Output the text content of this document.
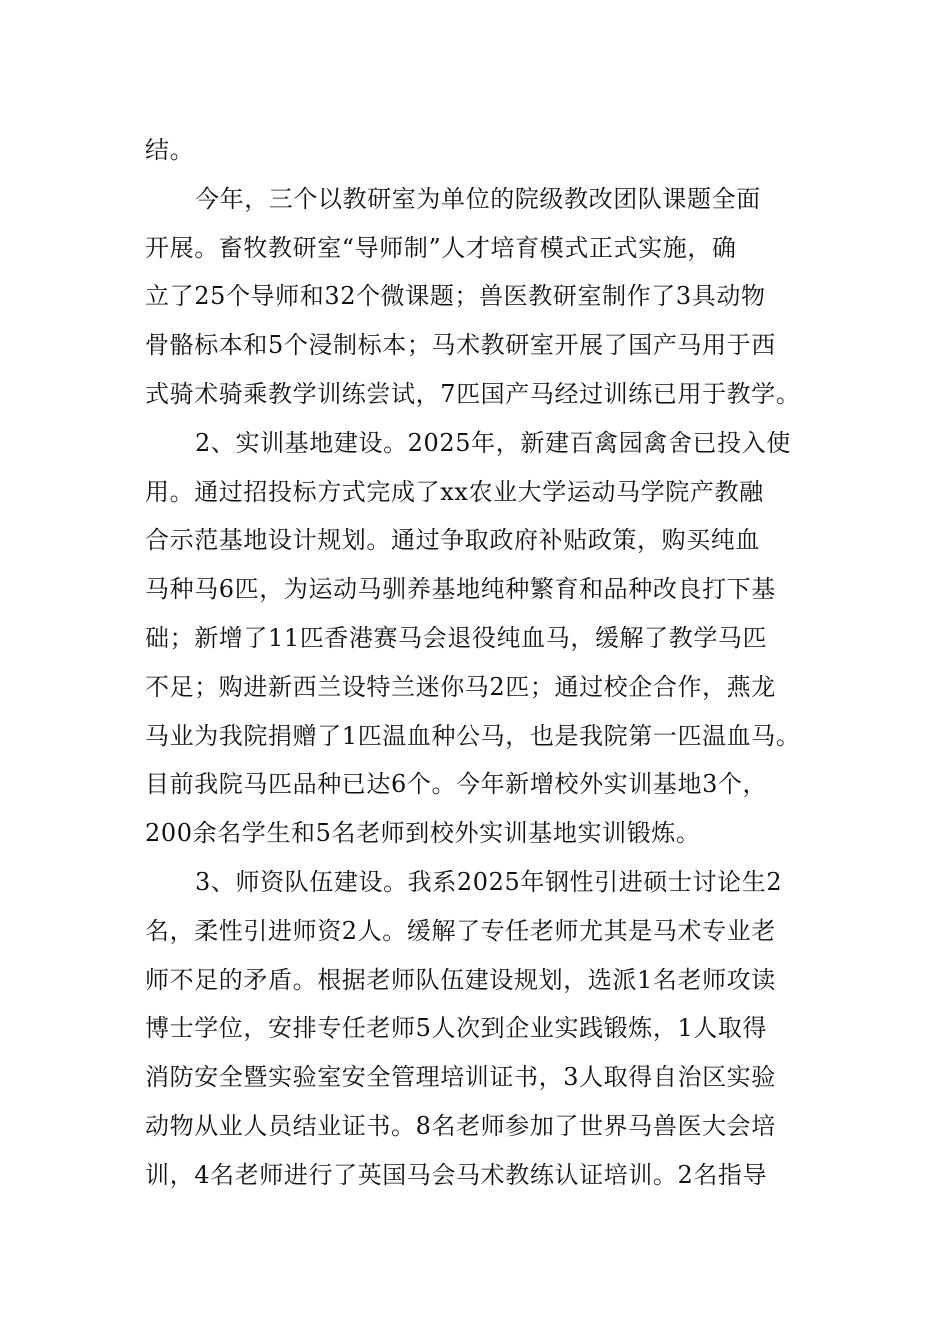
结。
今年，三个以教研室为单位的院级教改团队课题全面
开展。畜牧教研室“导师制”人才培育模式正式实施，确
立了25个导师和32个微课题；兽医教研室制作了3具动物
骨骼标本和5个浸制标本；马术教研室开展了国产马用于西
式骑术骑乘教学训练尝试，7匹国产马经过训练已用于教学。
2、实训基地建设。2025年，新建百禽园禽舍已投入使
用。通过招投标方式完成了xx农业大学运动马学院产教融
合示范基地设计规划。通过争取政府补贴政策，购买纯血
马种马6匹，为运动马驯养基地纯种繁育和品种改良打下基
础；新增了11匹香港赛马会退役纯血马，缓解了教学马匹
不足；购进新西兰设特兰迷你马2匹；通过校企合作，燕龙
马业为我院捐赠了1匹温血种公马，也是我院第一匹温血马。
目前我院马匹品种已达6个。今年新增校外实训基地3个，
200余名学生和5名老师到校外实训基地实训锻炼。
3、师资队伍建设。我系2025年钢性引进硕士讨论生2
名，柔性引进师资2人。缓解了专任老师尤其是马术专业老
师不足的矛盾。根据老师队伍建设规划，选派1名老师攻读
博士学位，安排专任老师5人次到企业实践锻炼，1人取得
消防安全暨实验室安全管理培训证书，3人取得自治区实验
动物从业人员结业证书。8名老师参加了世界马兽医大会培
训，4名老师进行了英国马会马术教练认证培训。2名指导
